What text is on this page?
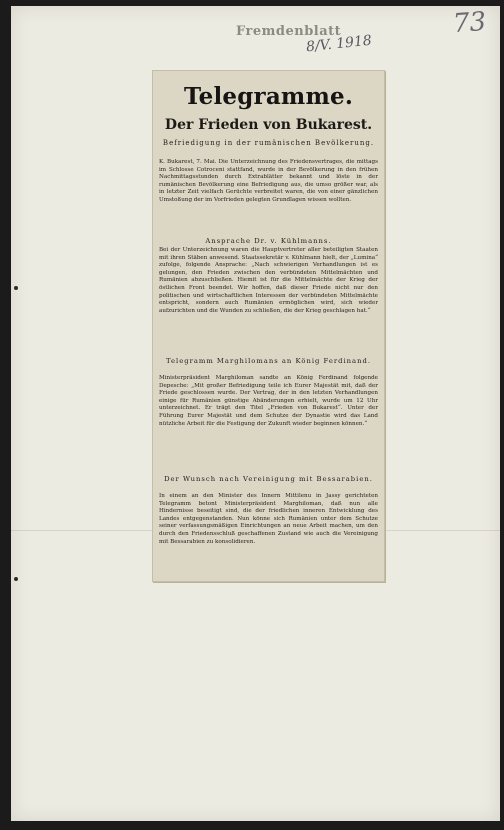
Fremdenblatt
8/V. 1918
73
Telegramme.
Der Frieden von Bukarest.
Befriedigung in der rumänischen Bevölkerung.
K. Bukarest, 7. Mai. Die Unterzeichnung des Friedensvertrages, die mittags im Schlosse Cotroceni stattfand, wurde in der Bevölkerung in den frühen Nachmittagsstunden durch Extrablätter bekannt und löste in der rumänischen Bevölkerung eine Befriedigung aus, die umso größer war, als in letzter Zeit vielfach Gerüchte verbreitet waren, die von einer gänzlichen Umstoßung der im Vorfrieden gelegten Grundlagen wissen wollten.
Ansprache Dr. v. Kühlmanns.
Bei der Unterzeichnung waren die Hauptvertreter aller beteiligten Staaten mit ihren Stäben anwesend. Staatssekretär v. Kühlmann hielt, der „Lumina“ zufolge, folgende Ansprache: „Nach schwierigen Verhandlungen ist es gelungen, den Frieden zwischen den verbündeten Mittelmächten und Rumänien abzuschließen. Hiemit ist für die Mittelmächte der Krieg der östlichen Front beendet. Wir hoffen, daß dieser Friede nicht nur den politischen und wirtschaftlichen Interessen der verbündeten Mittelmächte entspricht, sondern auch Rumänien ermöglichen wird, sich wieder aufzurichten und die Wunden zu schließen, die der Krieg geschlagen hat.“
Telegramm Marghilomans an König Ferdinand.
Ministerpräsident Marghiloman sandte an König Ferdinand folgende Depesche: „Mit großer Befriedigung teile ich Eurer Majestät mit, daß der Friede geschlossen wurde. Der Vertrag, der in den letzten Verhandlungen einige für Rumänien günstige Abänderungen erhielt, wurde um 12 Uhr unterzeichnet. Er trägt den Titel „Frieden von Bukarest“. Unter der Führung Eurer Majestät und dem Schutze der Dynastie wird das Land nützliche Arbeit für die Festigung der Zukunft wieder beginnen können.“
Der Wunsch nach Vereinigung mit Bessarabien.
In einem an den Minister des Innern Mittilenu in Jassy gerichteten Telegramm betont Ministerpräsident Marghiloman, daß nun alle Hindernisse beseitigt sind, die der friedlichen inneren Entwicklung des Landes entgegenstanden. Nun könne sich Rumänien unter dem Schutze seiner verfassungsmäßigen Einrichtungen an neue Arbeit machen, um den durch den Friedensschluß geschaffenen Zustand wie auch die Vereinigung mit Bessarabien zu konsolidieren.
